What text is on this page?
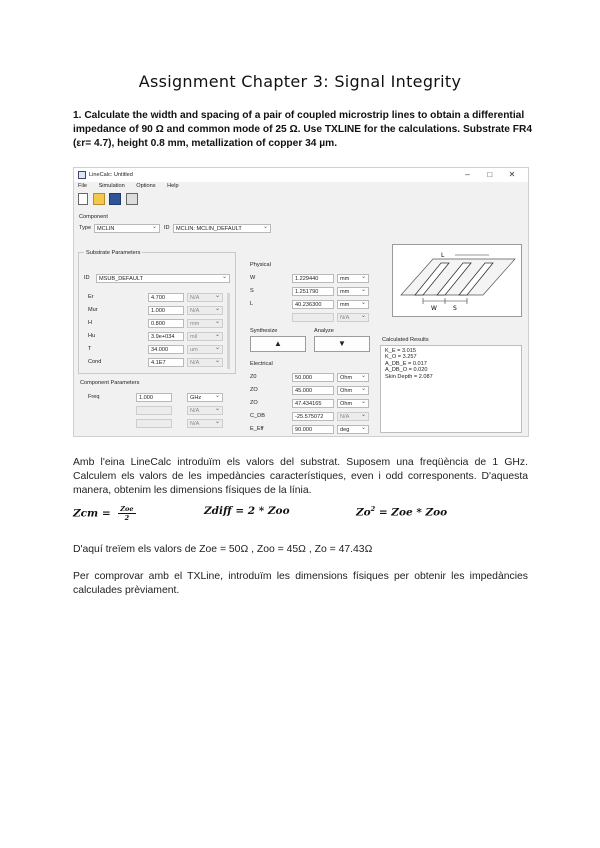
Assignment Chapter 3: Signal Integrity
1. Calculate the width and spacing of a pair of coupled microstrip lines to obtain a differential impedance of 90 Ω and common mode of 25 Ω. Use TXLINE for the calculations. Substrate FR4 (εr= 4.7), height 0.8 mm, metallization of copper 34 µm.
LineCalc: Untitled	– □ ✕
File Simulation Options Help

Component
Type	MCLIN ⌄	ID	MCLIN: MCLIN_DEFAULT ⌄
Substrate Parameters
ID	MSUB_DEFAULT ⌄
Er	4.700	N/A ⌄
Mur	1.000	N/A ⌄
H	0.800	mm ⌄
Hu	3.9e+034	mil ⌄
T	34.000	um ⌄
Cond	4.1E7	N/A ⌄
Component Parameters
Freq	1.000	GHz ⌄
N/A ⌄
N/A ⌄
Physical
W	1.229440	mm ⌄
S	1.251790	mm ⌄
L	40.236300	mm ⌄
N/A ⌄
Synthesize	Analyze
▲	▼
Electrical
Z0	50.000	Ohm ⌄
ZO	45.000	Ohm ⌄
ZO	47.434165	Ohm ⌄
C_DB	-25.575072	N/A ⌄
E_Eff	90.000	deg ⌄
L
W	S
Calculated Results
K_E = 3.015
K_O = 3.257
A_DB_E = 0.017
A_DB_O = 0.020
Skin Depth = 2.087
Amb l'eina LineCalc introduïm els valors del substrat. Suposem una freqüència de 1 GHz. Calculem els valors de les impedàncies característiques, even i odd corresponents. D'aquesta manera, obtenim les dimensions físiques de la línia.
Zcm = $\frac{\text{Zoe}}{2}$	Zdiff = 2 * Zoo	$Zo^2$ = Zoe * Zoo
D'aquí treïem els valors de Zoe = 50Ω , Zoo = 45Ω , Zo = 47.43Ω
Per comprovar amb el TXLine, introduïm les dimensions físiques per obtenir les impedàncies calculades prèviament.
